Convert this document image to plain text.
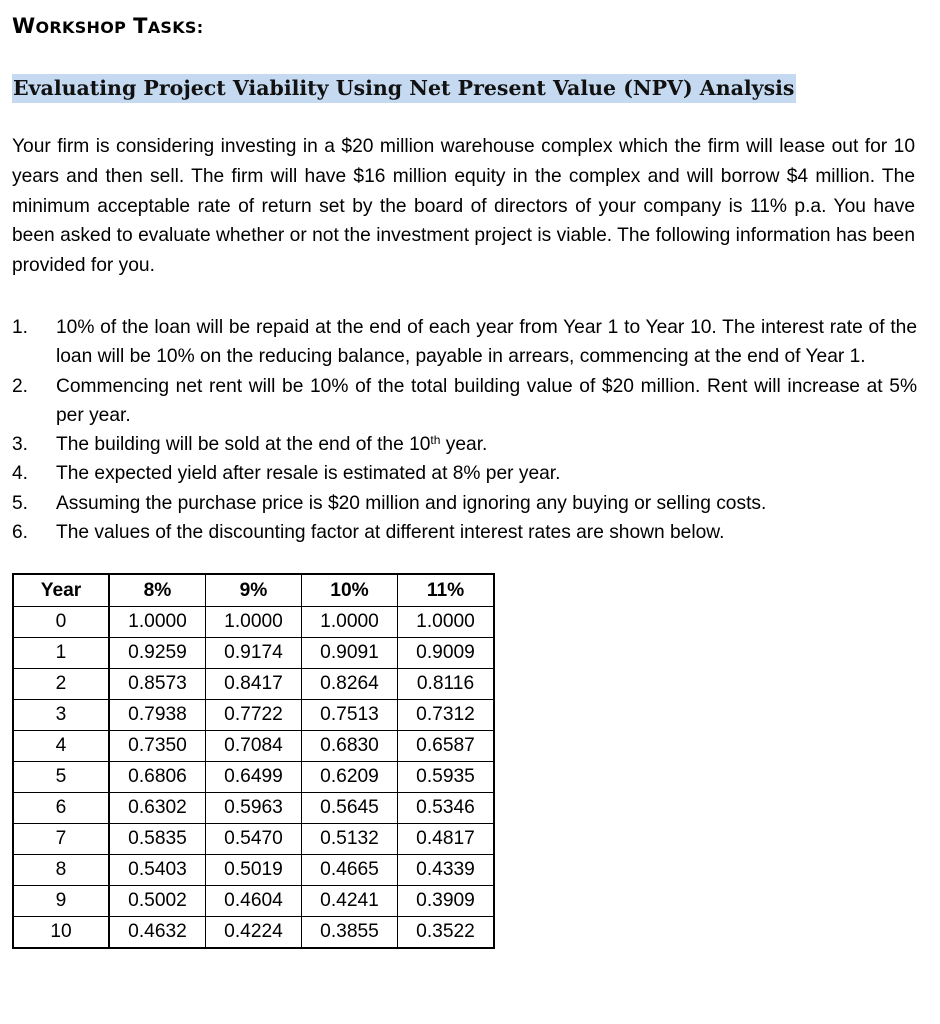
WORKSHOP TASKS:
Evaluating Project Viability Using Net Present Value (NPV) Analysis

Your firm is considering investing in a $20 million warehouse complex which the firm will lease out for 10 years and then sell. The firm will have $16 million equity in the complex and will borrow $4 million. The minimum acceptable rate of return set by the board of directors of your company is 11% p.a. You have been asked to evaluate whether or not the investment project is viable. The following information has been provided for you.

1. 10% of the loan will be repaid at the end of each year from Year 1 to Year 10. The interest rate of the loan will be 10% on the reducing balance, payable in arrears, commencing at the end of Year 1.
2. Commencing net rent will be 10% of the total building value of $20 million. Rent will increase at 5% per year.
3. The building will be sold at the end of the 10th year.
4. The expected yield after resale is estimated at 8% per year.
5. Assuming the purchase price is $20 million and ignoring any buying or selling costs.
6. The values of the discounting factor at different interest rates are shown below.
Year	8%	9%	10%	11%
0	1.0000	1.0000	1.0000	1.0000
1	0.9259	0.9174	0.9091	0.9009
2	0.8573	0.8417	0.8264	0.8116
3	0.7938	0.7722	0.7513	0.7312
4	0.7350	0.7084	0.6830	0.6587
5	0.6806	0.6499	0.6209	0.5935
6	0.6302	0.5963	0.5645	0.5346
7	0.5835	0.5470	0.5132	0.4817
8	0.5403	0.5019	0.4665	0.4339
9	0.5002	0.4604	0.4241	0.3909
10	0.4632	0.4224	0.3855	0.3522
